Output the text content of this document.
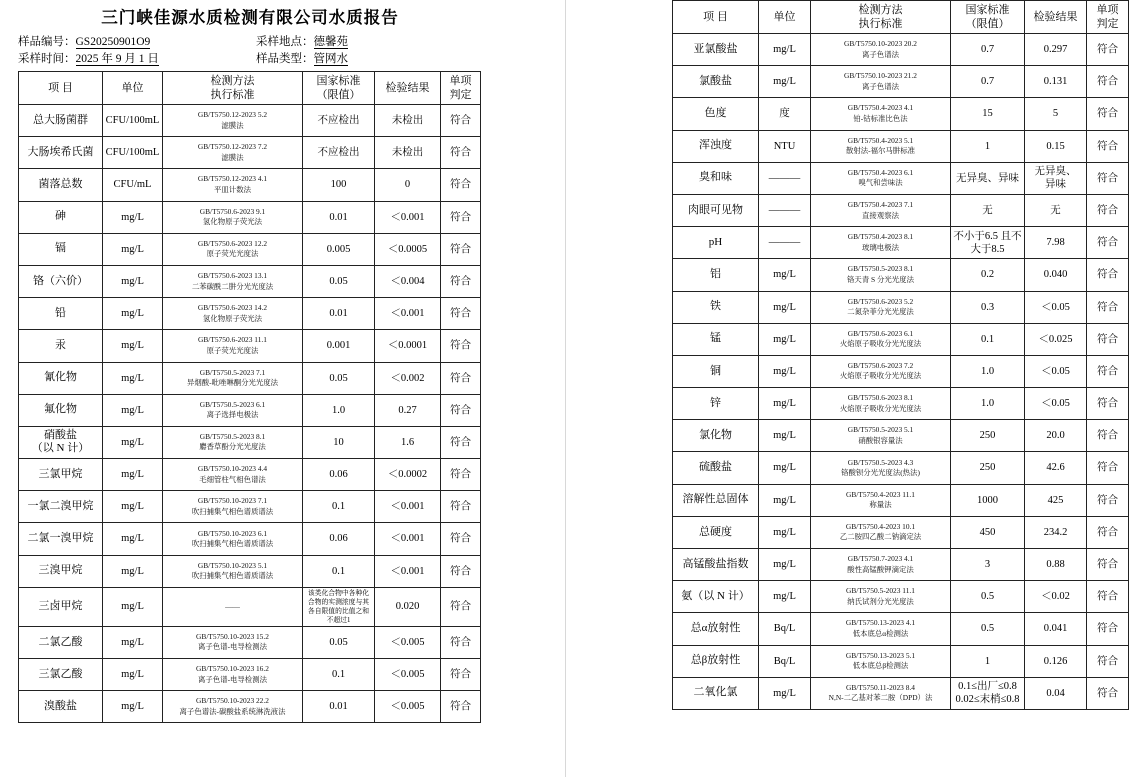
三门峡佳源水质检测有限公司水质报告
样品编号：GS20250901O9	采样地点：德馨苑
采样时间：2025 年 9 月 1 日	样品类型：管网水
项 目	单位	检测方法
执行标准	国家标准
（限值）	检验结果	单项
判定

总大肠菌群	CFU/100mL	GB/T5750.12-2023 5.2
滤膜法	不应检出	未检出	符合
大肠埃希氏菌	CFU/100mL	GB/T5750.12-2023 7.2
滤膜法	不应检出	未检出	符合
菌落总数	CFU/mL	GB/T5750.12-2023 4.1
平皿计数法	100	0	符合
砷	mg/L	GB/T5750.6-2023 9.1
氢化物原子荧光法	0.01	＜0.001	符合
镉	mg/L	GB/T5750.6-2023 12.2
原子荧光光度法	0.005	＜0.0005	符合
铬（六价）	mg/L	GB/T5750.6-2023 13.1
二苯碳酰二肼分光光度法	0.05	＜0.004	符合
铅	mg/L	GB/T5750.6-2023 14.2
氢化物原子荧光法	0.01	＜0.001	符合
汞	mg/L	GB/T5750.6-2023 11.1
原子荧光光度法	0.001	＜0.0001	符合
氰化物	mg/L	GB/T5750.5-2023 7.1
异烟酸-吡唑啉酮分光光度法	0.05	＜0.002	符合
氟化物	mg/L	GB/T5750.5-2023 6.1
离子选择电极法	1.0	0.27	符合
硝酸盐
（以 N 计）	mg/L	GB/T5750.5-2023 8.1
麝香草酚分光光度法	10	1.6	符合
三氯甲烷	mg/L	GB/T5750.10-2023 4.4
毛细管柱气相色谱法	0.06	＜0.0002	符合
一氯二溴甲烷	mg/L	GB/T5750.10-2023 7.1
吹扫捕集气相色谱质谱法	0.1	＜0.001	符合
二氯一溴甲烷	mg/L	GB/T5750.10-2023 6.1
吹扫捕集气相色谱质谱法	0.06	＜0.001	符合
三溴甲烷	mg/L	GB/T5750.10-2023 5.1
吹扫捕集气相色谱质谱法	0.1	＜0.001	符合
三卤甲烷	mg/L	——	该类化合物中各种化合物的实测浓度与其各自限值的比值之和不超过1	0.020	符合
二氯乙酸	mg/L	GB/T5750.10-2023 15.2
离子色谱-电导检测法	0.05	＜0.005	符合
三氯乙酸	mg/L	GB/T5750.10-2023 16.2
离子色谱-电导检测法	0.1	＜0.005	符合
溴酸盐	mg/L	GB/T5750.10-2023 22.2
离子色谱法-碳酸盐系统淋洗液法	0.01	＜0.005	符合
项 目	单位	检测方法
执行标准	国家标准
（限值）	检验结果	单项
判定

亚氯酸盐	mg/L	GB/T5750.10-2023 20.2
离子色谱法	0.7	0.297	符合
氯酸盐	mg/L	GB/T5750.10-2023 21.2
离子色谱法	0.7	0.131	符合
色度	度	GB/T5750.4-2023 4.1
铂-钴标准比色法	15	5	符合
浑浊度	NTU	GB/T5750.4-2023 5.1
散射法-福尔马肼标准	1	0.15	符合
臭和味	———	GB/T5750.4-2023 6.1
嗅气和尝味法	无异臭、异味	无异臭、
异味	符合
肉眼可见物	———	GB/T5750.4-2023 7.1
直接观察法	无	无	符合
pH	———	GB/T5750.4-2023 8.1
玻璃电极法	不小于6.5 且不大于8.5	7.98	符合
铝	mg/L	GB/T5750.5-2023 8.1
铬天青 S 分光光度法	0.2	0.040	符合
铁	mg/L	GB/T5750.6-2023 5.2
二氮杂菲分光光度法	0.3	＜0.05	符合
锰	mg/L	GB/T5750.6-2023 6.1
火焰原子吸收分光光度法	0.1	＜0.025	符合
铜	mg/L	GB/T5750.6-2023 7.2
火焰原子吸收分光光度法	1.0	＜0.05	符合
锌	mg/L	GB/T5750.6-2023 8.1
火焰原子吸收分光光度法	1.0	＜0.05	符合
氯化物	mg/L	GB/T5750.5-2023 5.1
硝酸银容量法	250	20.0	符合
硫酸盐	mg/L	GB/T5750.5-2023 4.3
铬酸钡分光光度法(热法)	250	42.6	符合
溶解性总固体	mg/L	GB/T5750.4-2023 11.1
称量法	1000	425	符合
总硬度	mg/L	GB/T5750.4-2023 10.1
乙二胺四乙酸二钠滴定法	450	234.2	符合
高锰酸盐指数	mg/L	GB/T5750.7-2023 4.1
酸性高锰酸钾滴定法	3	0.88	符合
氨（以 N 计）	mg/L	GB/T5750.5-2023 11.1
纳氏试剂分光光度法	0.5	＜0.02	符合
总α放射性	Bq/L	GB/T5750.13-2023 4.1
低本底总α检测法	0.5	0.041	符合
总β放射性	Bq/L	GB/T5750.13-2023 5.1
低本底总β检测法	1	0.126	符合
二氧化氯	mg/L	GB/T5750.11-2023 8.4
N,N-二乙基对苯二胺（DPD）法	0.1≤出厂≤0.8
0.02≤末梢≤0.8	0.04	符合
